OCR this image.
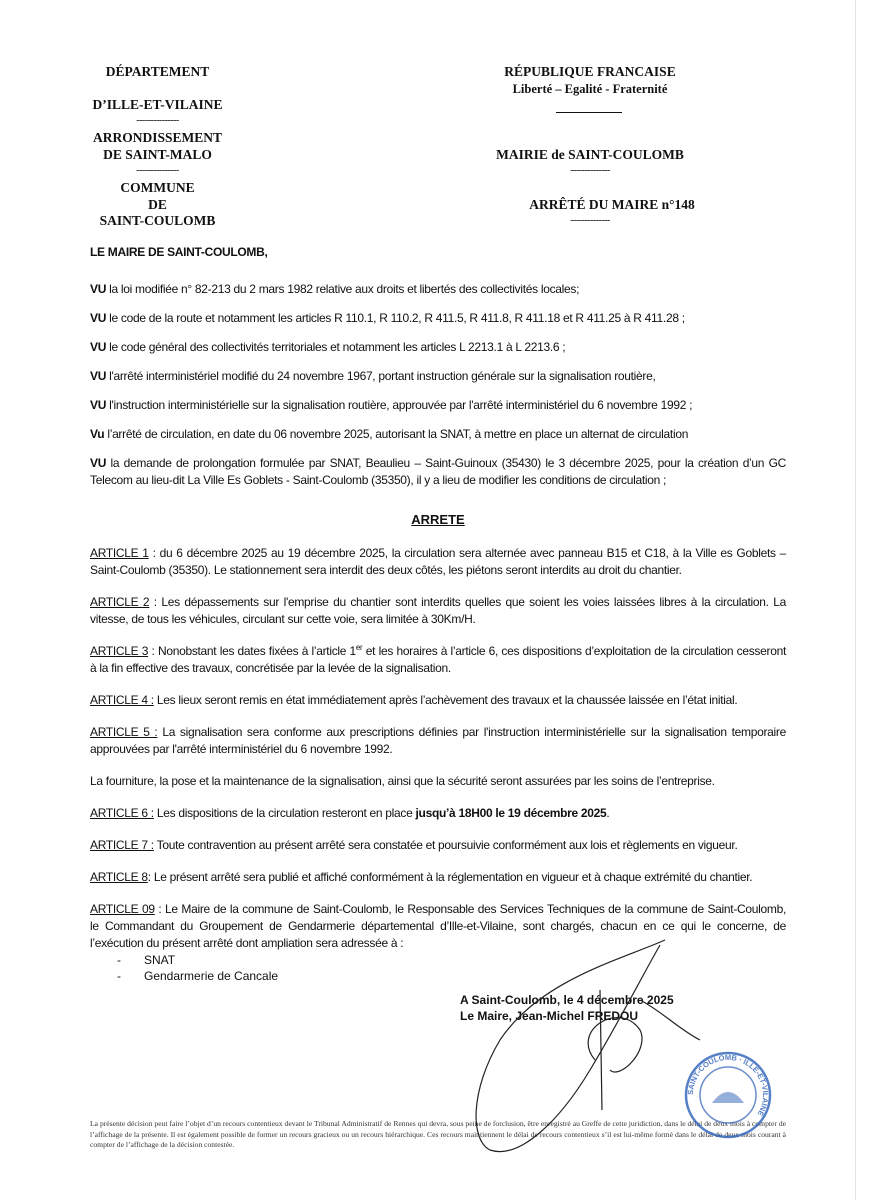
DÉPARTEMENT
D’ILLE-ET-VILAINE
---------------
ARRONDISSEMENT
DE SAINT-MALO
---------------
COMMUNE
DE
SAINT-COULOMB
RÉPUBLIQUE FRANCAISE
Liberté – Egalité - Fraternité
MAIRIE de SAINT-COULOMB
--------------
ARRÊTÉ DU MAIRE n°148
--------------

LE MAIRE DE SAINT-COULOMB,

VU la loi modifiée n° 82-213 du 2 mars 1982 relative aux droits et libertés des collectivités locales;

VU le code de la route et notamment les articles R 110.1, R 110.2, R 411.5, R 411.8, R 411.18 et R 411.25 à R 411.28 ;

VU le code général des collectivités territoriales et notamment les articles L 2213.1 à L 2213.6 ;

VU l'arrêté interministériel modifié du 24 novembre 1967, portant instruction générale sur la signalisation routière,

VU l'instruction interministérielle sur la signalisation routière, approuvée par l'arrêté interministériel du 6 novembre 1992 ;

Vu l’arrêté de circulation, en date du 06 novembre 2025, autorisant la SNAT, à mettre en place un alternat de circulation

VU la demande de prolongation formulée par SNAT, Beaulieu – Saint-Guinoux (35430) le 3 décembre 2025, pour la création d’un GC Telecom au lieu-dit La Ville Es Goblets - Saint-Coulomb (35350), il y a lieu de modifier les conditions de circulation ;

ARRETE

ARTICLE 1 : du 6 décembre 2025 au 19 décembre 2025, la circulation sera alternée avec panneau B15 et C18, à la Ville es Goblets – Saint-Coulomb (35350). Le stationnement sera interdit des deux côtés, les piétons seront interdits au droit du chantier.

ARTICLE 2 : Les dépassements sur l'emprise du chantier sont interdits quelles que soient les voies laissées libres à la circulation. La vitesse, de tous les véhicules, circulant sur cette voie, sera limitée à 30Km/H.

ARTICLE 3 : Nonobstant les dates fixées à l’article 1er et les horaires à l’article 6, ces dispositions d’exploitation de la circulation cesseront à la fin effective des travaux, concrétisée par la levée de la signalisation.

ARTICLE 4 : Les lieux seront remis en état immédiatement après l’achèvement des travaux et la chaussée laissée en l’état initial.

ARTICLE 5 : La signalisation sera conforme aux prescriptions définies par l'instruction interministérielle sur la signalisation temporaire approuvées par l'arrêté interministériel du 6 novembre 1992.

La fourniture, la pose et la maintenance de la signalisation, ainsi que la sécurité seront assurées par les soins de l’entreprise.

ARTICLE 6 : Les dispositions de la circulation resteront en place jusqu’à 18H00 le 19 décembre 2025.

ARTICLE 7 : Toute contravention au présent arrêté sera constatée et poursuivie conformément aux lois et règlements en vigueur.

ARTICLE 8: Le présent arrêté sera publié et affiché conformément à la réglementation en vigueur et à chaque extrémité du chantier.

ARTICLE 09 : Le Maire de la commune de Saint-Coulomb, le Responsable des Services Techniques de la commune de Saint-Coulomb, le Commandant du Groupement de Gendarmerie départemental d’Ille-et-Vilaine, sont chargés, chacun en ce qui le concerne, de l’exécution du présent arrêté dont ampliation sera adressée à :

- SNAT
- Gendarmerie de Cancale
A Saint-Coulomb, le 4 décembre 2025
Le Maire, Jean-Michel FREDOU
La présente décision peut faire l’objet d’un recours contentieux devant le Tribunal Administratif de Rennes qui devra, sous peine de forclusion, être enregistré au Greffe de cette juridiction, dans le délai de deux mois à compter de l’affichage de la présente. Il est également possible de former un recours gracieux ou un recours hiérarchique. Ces recours maintiennent le délai de recours contentieux s’il est lui-même formé dans le délai de deux mois courant à compter de l’affichage de la décision contestée.
SAINT-COULOMB · ILLE-ET-VILAINE
